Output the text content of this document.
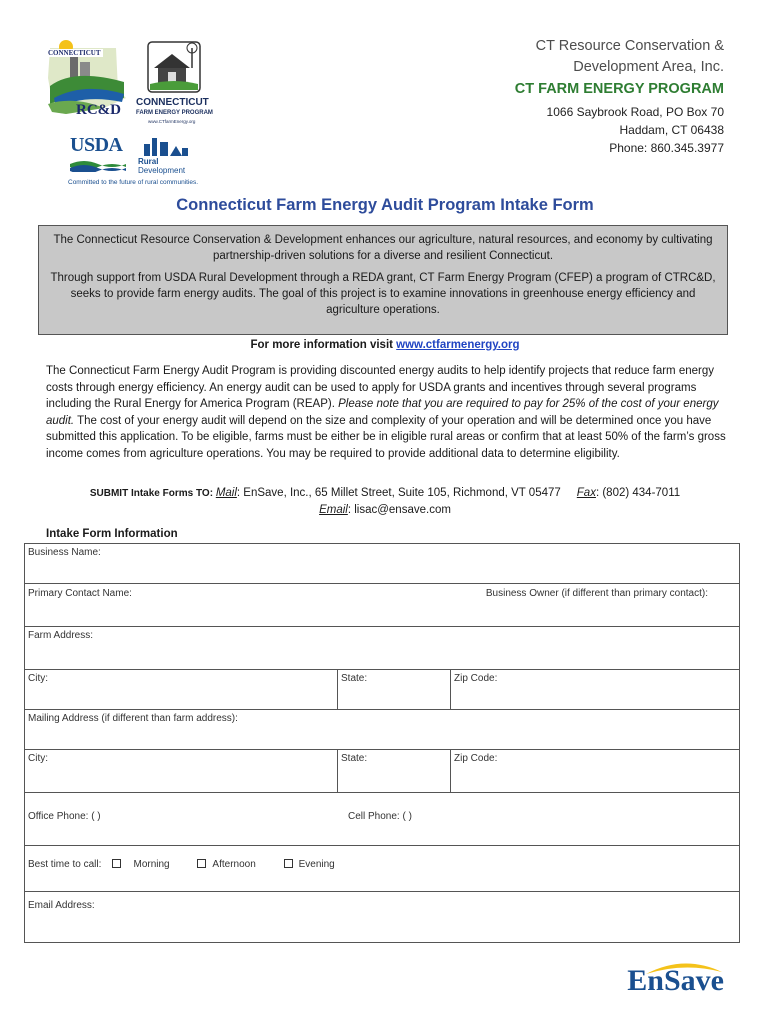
CONNECTICUT
RC&D CONNECTICUT
FARM ENERGY PROGRAM
www.CTfarmEnergy.org
USDA
Rural
Development
Committed to the future of rural communities.
CT Resource Conservation &
Development Area, Inc.
CT FARM ENERGY PROGRAM
1066 Saybrook Road, PO Box 70
Haddam, CT 06438
Phone: 860.345.3977
Connecticut Farm Energy Audit Program Intake Form

The Connecticut Resource Conservation & Development enhances our agriculture, natural resources, and economy by cultivating partnership-driven solutions for a diverse and resilient Connecticut.

Through support from USDA Rural Development through a REDA grant, CT Farm Energy Program (CFEP) a program of CTRC&D, seeks to provide farm energy audits. The goal of this project is to examine innovations in greenhouse energy efficiency and agriculture operations.

For more information visit www.ctfarmenergy.org
The Connecticut Farm Energy Audit Program is providing discounted energy audits to help identify projects that reduce farm energy costs through energy efficiency. An energy audit can be used to apply for USDA grants and incentives through several programs including the Rural Energy for America Program (REAP). Please note that you are required to pay for 25% of the cost of your energy audit. The cost of your energy audit will depend on the size and complexity of your operation and will be determined once you have submitted this application. To be eligible, farms must be either be in eligible rural areas or confirm that at least 50% of the farm’s gross income comes from agriculture operations. You may be required to provide additional data to determine eligibility.
SUBMIT Intake Forms TO: Mail: EnSave, Inc., 65 Millet Street, Suite 105, Richmond, VT 05477 Fax: (802) 434-7011
Email: lisac@ensave.com
Intake Form Information
Business Name:
Primary Contact Name:	Business Owner (if different than primary contact):
Farm Address:
City:	State:	Zip Code:
Mailing Address (if different than farm address):
City:	State:	Zip Code:
Office Phone: ( )	Cell Phone: ( )
Best time to call:	Morning	Afternoon	Evening
Email Address:
EnSave
